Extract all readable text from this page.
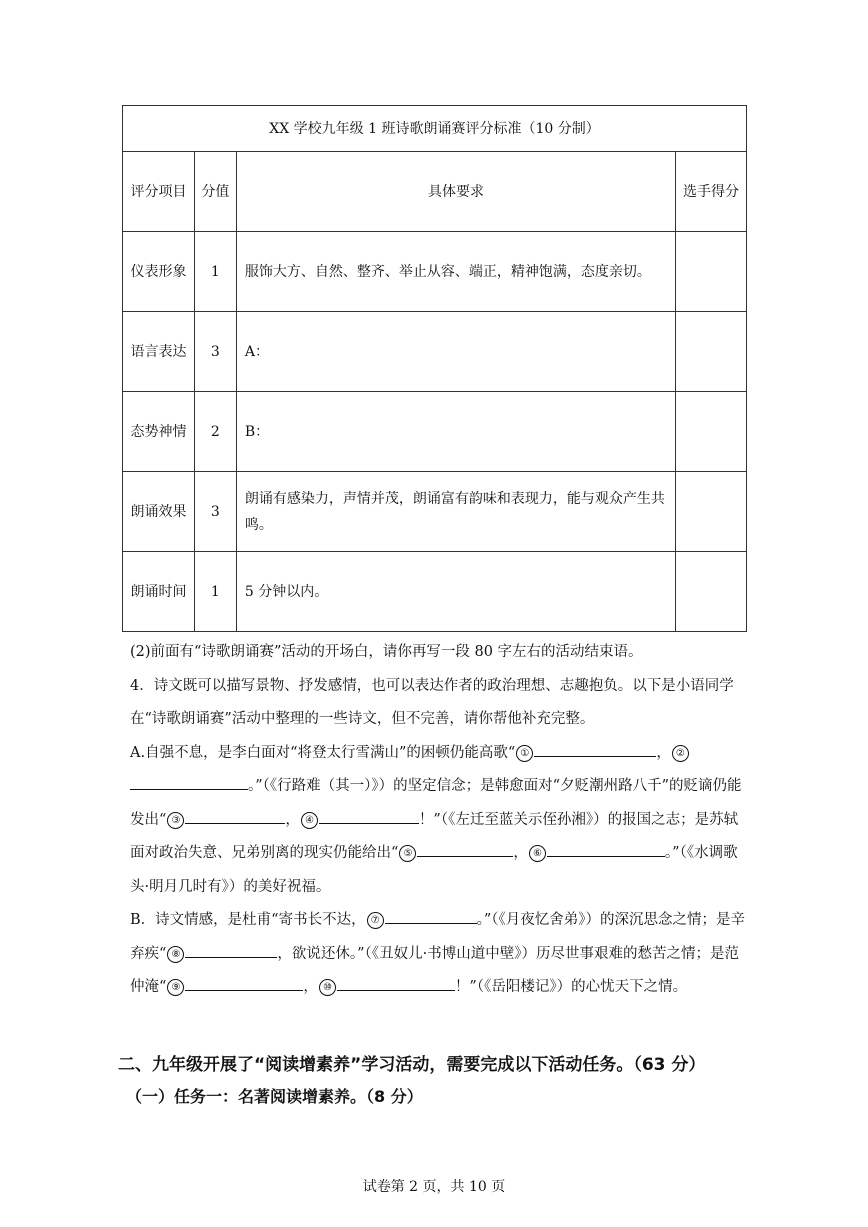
XX 学校九年级 1 班诗歌朗诵赛评分标准（10 分制）			
评分项目	分值	具体要求	选手得分
仪表形象	1	服饰大方、自然、整齐、举止从容、端正，精神饱满，态度亲切。	
语言表达	3	A：	
态势神情	2	B：	
朗诵效果	3	朗诵有感染力，声情并茂，朗诵富有韵味和表现力，能与观众产生共鸣。	
朗诵时间	1	5 分钟以内。	

(2)前面有“诗歌朗诵赛”活动的开场白，请你再写一段 80 字左右的活动结束语。

4．诗文既可以描写景物、抒发感情，也可以表达作者的政治理想、志趣抱负。以下是小语同学在“诗歌朗诵赛”活动中整理的一些诗文，但不完善，请你帮他补充完整。

A.自强不息，是李白面对“将登太行雪满山”的困顿仍能高歌“ ①	， ②。”（《行路难（其一）》）的坚定信念；是韩愈面对“夕贬潮州路八千”的贬谪仍能发出“ ③	， ④	！”（《左迁至蓝关示侄孙湘》）的报国之志；是苏轼面对政治失意、兄弟别离的现实仍能给出“ ⑤	， ⑥	。”（《水调歌头·明月几时有》）的美好祝福。

B．诗文情感，是杜甫“寄书长不达， ⑦	。”（《月夜忆舍弟》）的深沉思念之情；是辛弃疾“ ⑧	，欲说还休。”（《丑奴儿·书博山道中壁》）历尽世事艰难的愁苦之情；是范仲淹“ ⑨	， ⑩	！”（《岳阳楼记》）的心忧天下之情。

二、九年级开展了“阅读增素养”学习活动，需要完成以下活动任务。（63 分）
（一）任务一：名著阅读增素养。（8 分）
试卷第 2 页，共 10 页
